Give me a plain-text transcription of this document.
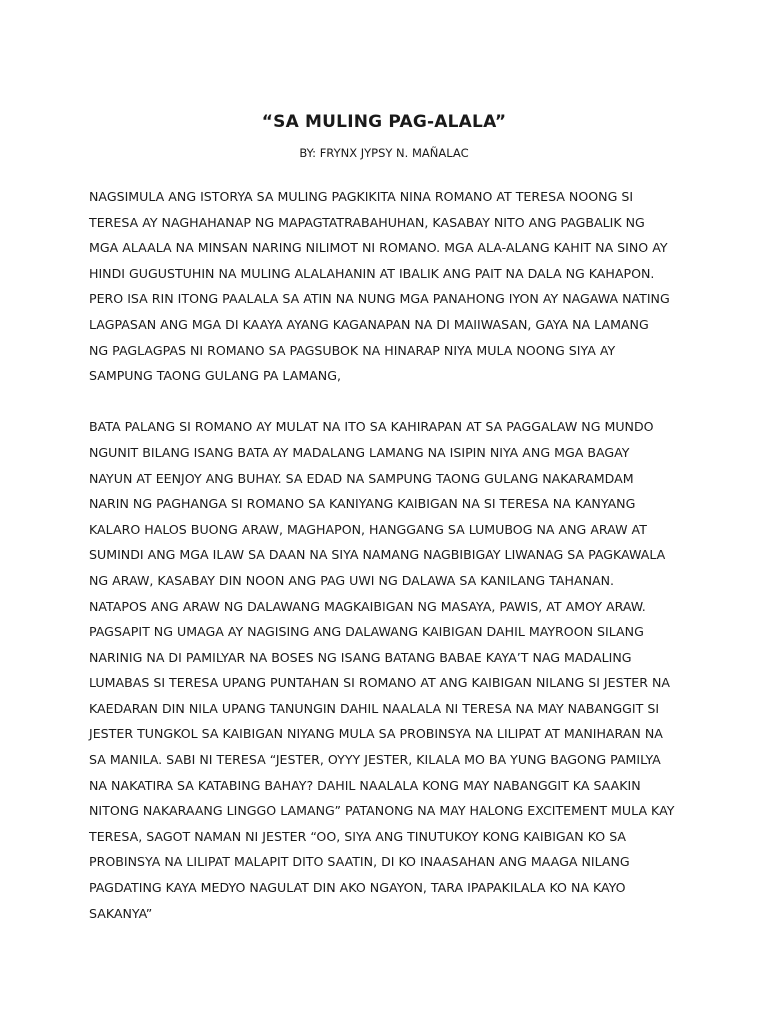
“SA MULING PAG-ALALA”

BY: FRYNX JYPSY N. MAÑALAC

NAGSIMULA ANG ISTORYA SA MULING PAGKIKITA NINA ROMANO AT TERESA NOONG SI
TERESA AY NAGHAHANAP NG MAPAGTATRABAHUHAN, KASABAY NITO ANG PAGBALIK NG
MGA ALAALA NA MINSAN NARING NILIMOT NI ROMANO. MGA ALA-ALANG KAHIT NA SINO AY
HINDI GUGUSTUHIN NA MULING ALALAHANIN AT IBALIK ANG PAIT NA DALA NG KAHAPON.
PERO ISA RIN ITONG PAALALA SA ATIN NA NUNG MGA PANAHONG IYON AY NAGAWA NATING
LAGPASAN ANG MGA DI KAAYA AYANG KAGANAPAN NA DI MAIIWASAN, GAYA NA LAMANG
NG PAGLAGPAS NI ROMANO SA PAGSUBOK NA HINARAP NIYA MULA NOONG SIYA AY
SAMPUNG TAONG GULANG PA LAMANG,
BATA PALANG SI ROMANO AY MULAT NA ITO SA KAHIRAPAN AT SA PAGGALAW NG MUNDO
NGUNIT BILANG ISANG BATA AY MADALANG LAMANG NA ISIPIN NIYA ANG MGA BAGAY
NAYUN AT EENJOY ANG BUHAY. SA EDAD NA SAMPUNG TAONG GULANG NAKARAMDAM
NARIN NG PAGHANGA SI ROMANO SA KANIYANG KAIBIGAN NA SI TERESA NA KANYANG
KALARO HALOS BUONG ARAW, MAGHAPON, HANGGANG SA LUMUBOG NA ANG ARAW AT
SUMINDI ANG MGA ILAW SA DAAN NA SIYA NAMANG NAGBIBIGAY LIWANAG SA PAGKAWALA
NG ARAW, KASABAY DIN NOON ANG PAG UWI NG DALAWA SA KANILANG TAHANAN.
NATAPOS ANG ARAW NG DALAWANG MAGKAIBIGAN NG MASAYA, PAWIS, AT AMOY ARAW.
PAGSAPIT NG UMAGA AY NAGISING ANG DALAWANG KAIBIGAN DAHIL MAYROON SILANG
NARINIG NA DI PAMILYAR NA BOSES NG ISANG BATANG BABAE KAYA’T NAG MADALING
LUMABAS SI TERESA UPANG PUNTAHAN SI ROMANO AT ANG KAIBIGAN NILANG SI JESTER NA
KAEDARAN DIN NILA UPANG TANUNGIN DAHIL NAALALA NI TERESA NA MAY NABANGGIT SI
JESTER TUNGKOL SA KAIBIGAN NIYANG MULA SA PROBINSYA NA LILIPAT AT MANIHARAN NA
SA MANILA. SABI NI TERESA “JESTER, OYYY JESTER, KILALA MO BA YUNG BAGONG PAMILYA
NA NAKATIRA SA KATABING BAHAY? DAHIL NAALALA KONG MAY NABANGGIT KA SAAKIN
NITONG NAKARAANG LINGGO LAMANG” PATANONG NA MAY HALONG EXCITEMENT MULA KAY
TERESA, SAGOT NAMAN NI JESTER “OO, SIYA ANG TINUTUKOY KONG KAIBIGAN KO SA
PROBINSYA NA LILIPAT MALAPIT DITO SAATIN, DI KO INAASAHAN ANG MAAGA NILANG
PAGDATING KAYA MEDYO NAGULAT DIN AKO NGAYON, TARA IPAPAKILALA KO NA KAYO
SAKANYA”
